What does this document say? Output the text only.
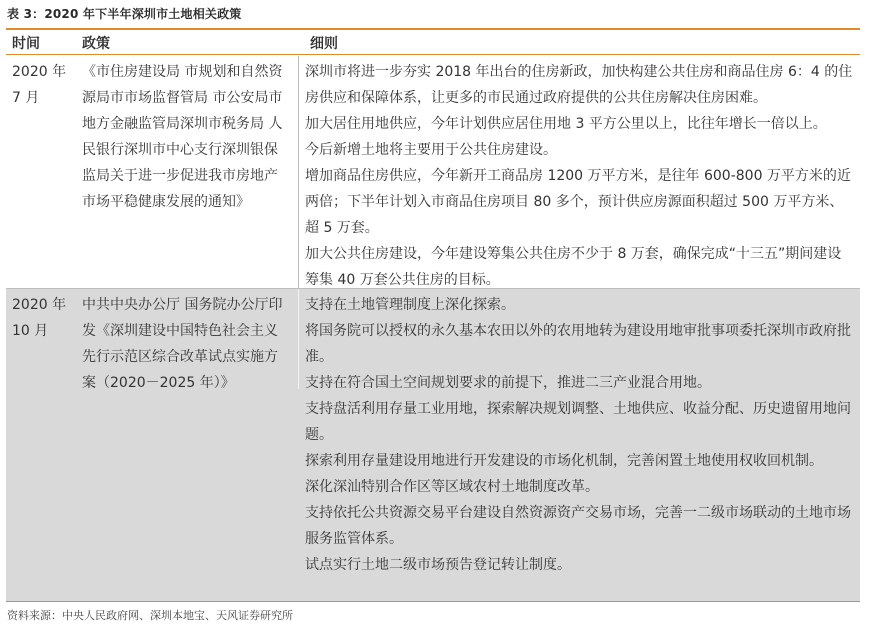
表 3：2020 年下半年深圳市土地相关政策
时间	政策	细则
2020 年 7 月
《市住房建设局 市规划和自然资源局市市场监督管局 市公安局市地方金融监管局深圳市税务局 人民银行深圳市中心支行深圳银保监局关于进一步促进我市房地产市场平稳健康发展的通知》
深圳市将进一步夯实 2018 年出台的住房新政，加快构建公共住房和商品住房 6：4 的住房供应和保障体系，让更多的市民通过政府提供的公共住房解决住房困难。
加大居住用地供应，今年计划供应居住用地 3 平方公里以上，比往年增长一倍以上。
今后新增土地将主要用于公共住房建设。
增加商品住房供应，今年新开工商品房 1200 万平方米，是往年 600-800 万平方米的近两倍；下半年计划入市商品住房项目 80 多个，预计供应房源面积超过 500 万平方米、超 5 万套。
加大公共住房建设，今年建设筹集公共住房不少于 8 万套，确保完成“十三五”期间建设筹集 40 万套公共住房的目标。
2020 年 10 月
中共中央办公厅 国务院办公厅印发《深圳建设中国特色社会主义先行示范区综合改革试点实施方案（2020－2025 年）》
支持在土地管理制度上深化探索。
将国务院可以授权的永久基本农田以外的农用地转为建设用地审批事项委托深圳市政府批准。
支持在符合国土空间规划要求的前提下，推进二三产业混合用地。
支持盘活利用存量工业用地，探索解决规划调整、土地供应、收益分配、历史遗留用地问题。
探索利用存量建设用地进行开发建设的市场化机制，完善闲置土地使用权收回机制。
深化深汕特别合作区等区域农村土地制度改革。
支持依托公共资源交易平台建设自然资源资产交易市场，完善一二级市场联动的土地市场服务监管体系。
试点实行土地二级市场预告登记转让制度。
资料来源：中央人民政府网、深圳本地宝、天风证券研究所
